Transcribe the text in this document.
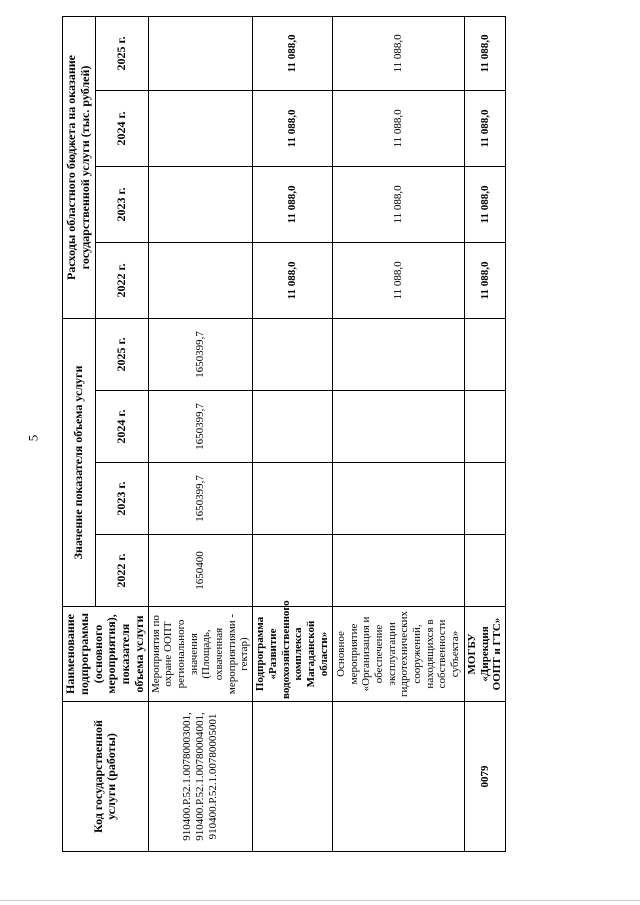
5
Код государственной услуги (работы)	Наименование подпрограммы (основного мероприятия), показателя объема услуги	Значение показателя объема услуги				Расходы областного бюджета на оказание государственной услуги (тыс. рублей)			
		2022 г.	2023 г.	2024 г.	2025 г.	2022 г.	2023 г.	2024 г.	2025 г.
910400.Р.52.1.00780003001, 910400.Р.52.1.00780004001, 910400.Р.52.1.00780005001	Мероприятия по охране ООПТ регионального значения (Площадь, охваченная мероприятиями - гектар)	1650400	1650399,7	1650399,7	1650399,7				
	Подпрограмма «Развитие водохозяйственного комплекса Магаданской области»					11 088,0	11 088,0	11 088,0	11 088,0
	Основное мероприятие «Организация и обеспечение эксплуатации гидротехнических сооружений, находящихся в собственности субъекта»					11 088,0	11 088,0	11 088,0	11 088,0
0079	МОГБУ «Дирекция ООПТ и ГТС»					11 088,0	11 088,0	11 088,0	11 088,0
